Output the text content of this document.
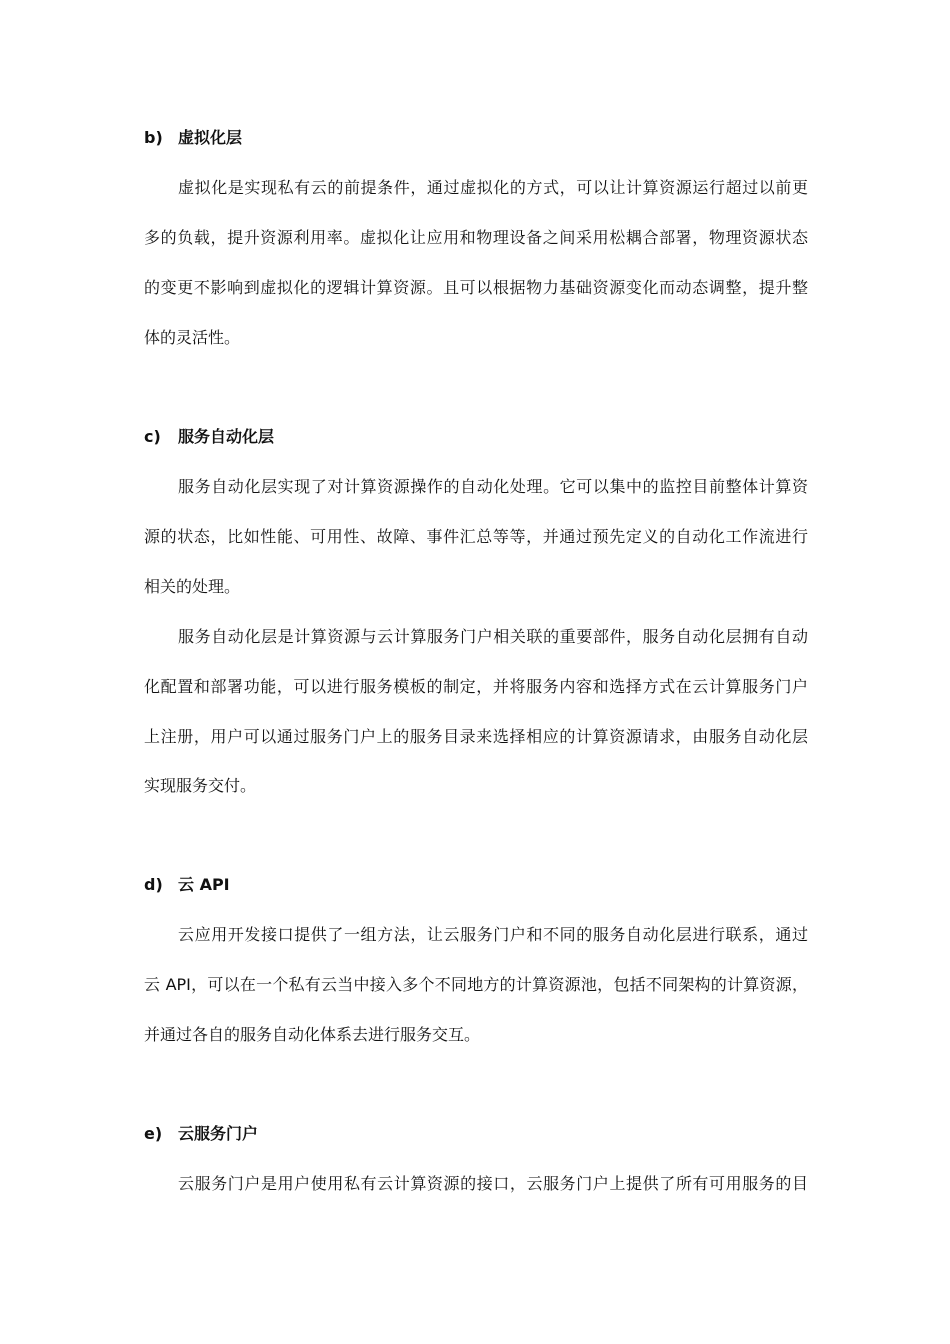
b) 虚拟化层
虚拟化是实现私有云的前提条件，通过虚拟化的方式，可以让计算资源运行超过以前更
多的负载，提升资源利用率。虚拟化让应用和物理设备之间采用松耦合部署，物理资源状态
的变更不影响到虚拟化的逻辑计算资源。且可以根据物力基础资源变化而动态调整，提升整
体的灵活性。
c) 服务自动化层
服务自动化层实现了对计算资源操作的自动化处理。它可以集中的监控目前整体计算资
源的状态，比如性能、可用性、故障、事件汇总等等，并通过预先定义的自动化工作流进行
相关的处理。
服务自动化层是计算资源与云计算服务门户相关联的重要部件，服务自动化层拥有自动
化配置和部署功能，可以进行服务模板的制定，并将服务内容和选择方式在云计算服务门户
上注册，用户可以通过服务门户上的服务目录来选择相应的计算资源请求，由服务自动化层
实现服务交付。
d) 云 API
云应用开发接口提供了一组方法，让云服务门户和不同的服务自动化层进行联系，通过
云 API，可以在一个私有云当中接入多个不同地方的计算资源池，包括不同架构的计算资源，
并通过各自的服务自动化体系去进行服务交互。
e) 云服务门户
云服务门户是用户使用私有云计算资源的接口，云服务门户上提供了所有可用服务的目
